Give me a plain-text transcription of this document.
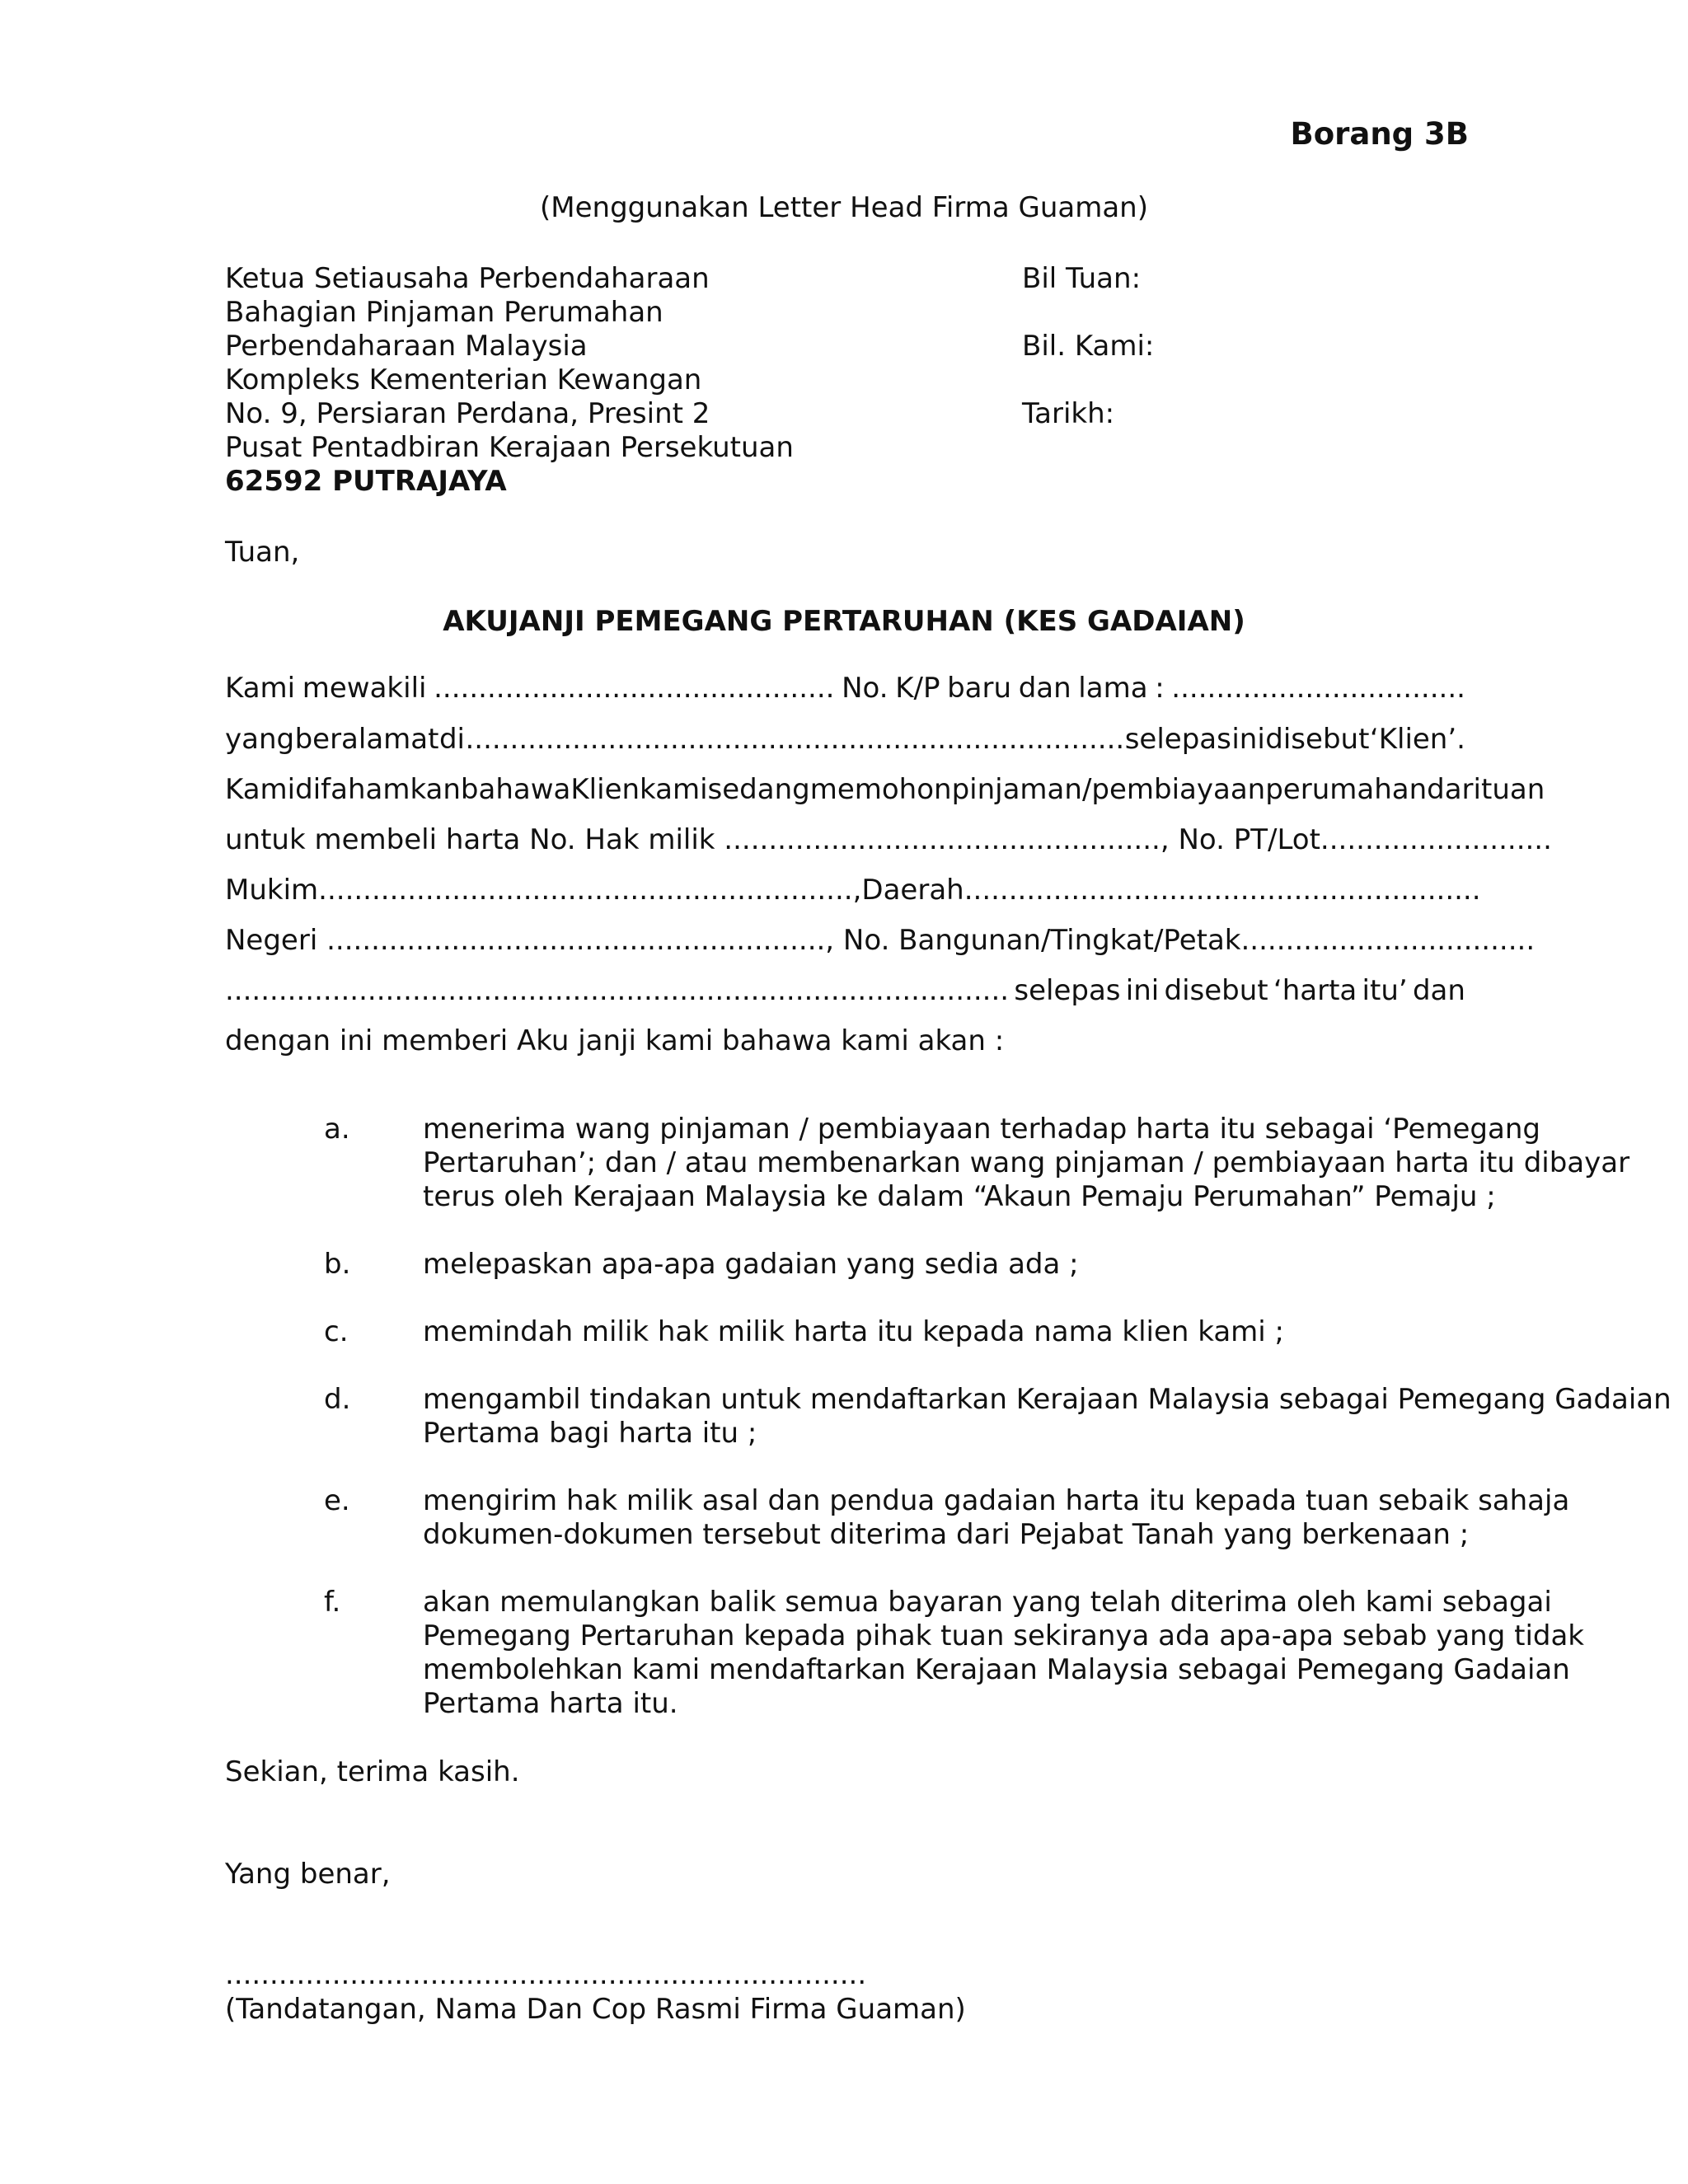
Borang 3B
(Menggunakan Letter Head Firma Guaman)
Ketua Setiausaha Perbendaharaan
Bahagian Pinjaman Perumahan
Perbendaharaan Malaysia
Kompleks Kementerian Kewangan
No. 9, Persiaran Perdana, Presint 2
Pusat Pentadbiran Kerajaan Persekutuan
62592 PUTRAJAYA
Bil Tuan:
Bil. Kami:
Tarikh:
Tuan,
AKUJANJI PEMEGANG PERTARUHAN (KES GADAIAN)
Kami mewakili ............................................. No. K/P baru dan lama : .................................
yang beralamat di .......................................................................... selepas ini disebut ‘Klien’.
Kami difahamkan bahawa Klien kami sedang memohon pinjaman/pembiayaan perumahan dari tuan
untuk membeli harta No. Hak milik ................................................., No. PT/Lot..........................
Mukim............................................................, Daerah..........................................................
Negeri ........................................................, No. Bangunan/Tingkat/Petak.................................
........................................................................................ selepas ini disebut ‘harta itu’ dan
dengan ini memberi Aku janji kami bahawa kami akan :
a.	menerima wang pinjaman / pembiayaan terhadap harta itu sebagai ‘Pemegang
Pertaruhan’; dan / atau membenarkan wang pinjaman / pembiayaan harta itu dibayar
terus oleh Kerajaan Malaysia ke dalam “Akaun Pemaju Perumahan” Pemaju ;
b.	melepaskan apa-apa gadaian yang sedia ada ;
c.	memindah milik hak milik harta itu kepada nama klien kami ;
d.	mengambil tindakan untuk mendaftarkan Kerajaan Malaysia sebagai Pemegang Gadaian
Pertama bagi harta itu ;
e.	mengirim hak milik asal dan pendua gadaian harta itu kepada tuan sebaik sahaja
dokumen-dokumen tersebut diterima dari Pejabat Tanah yang berkenaan ;
f.	akan memulangkan balik semua bayaran yang telah diterima oleh kami sebagai
Pemegang Pertaruhan kepada pihak tuan sekiranya ada apa-apa sebab yang tidak
membolehkan kami mendaftarkan Kerajaan Malaysia sebagai Pemegang Gadaian
Pertama harta itu.
Sekian, terima kasih.
Yang benar,
........................................................................
(Tandatangan, Nama Dan Cop Rasmi Firma Guaman)
